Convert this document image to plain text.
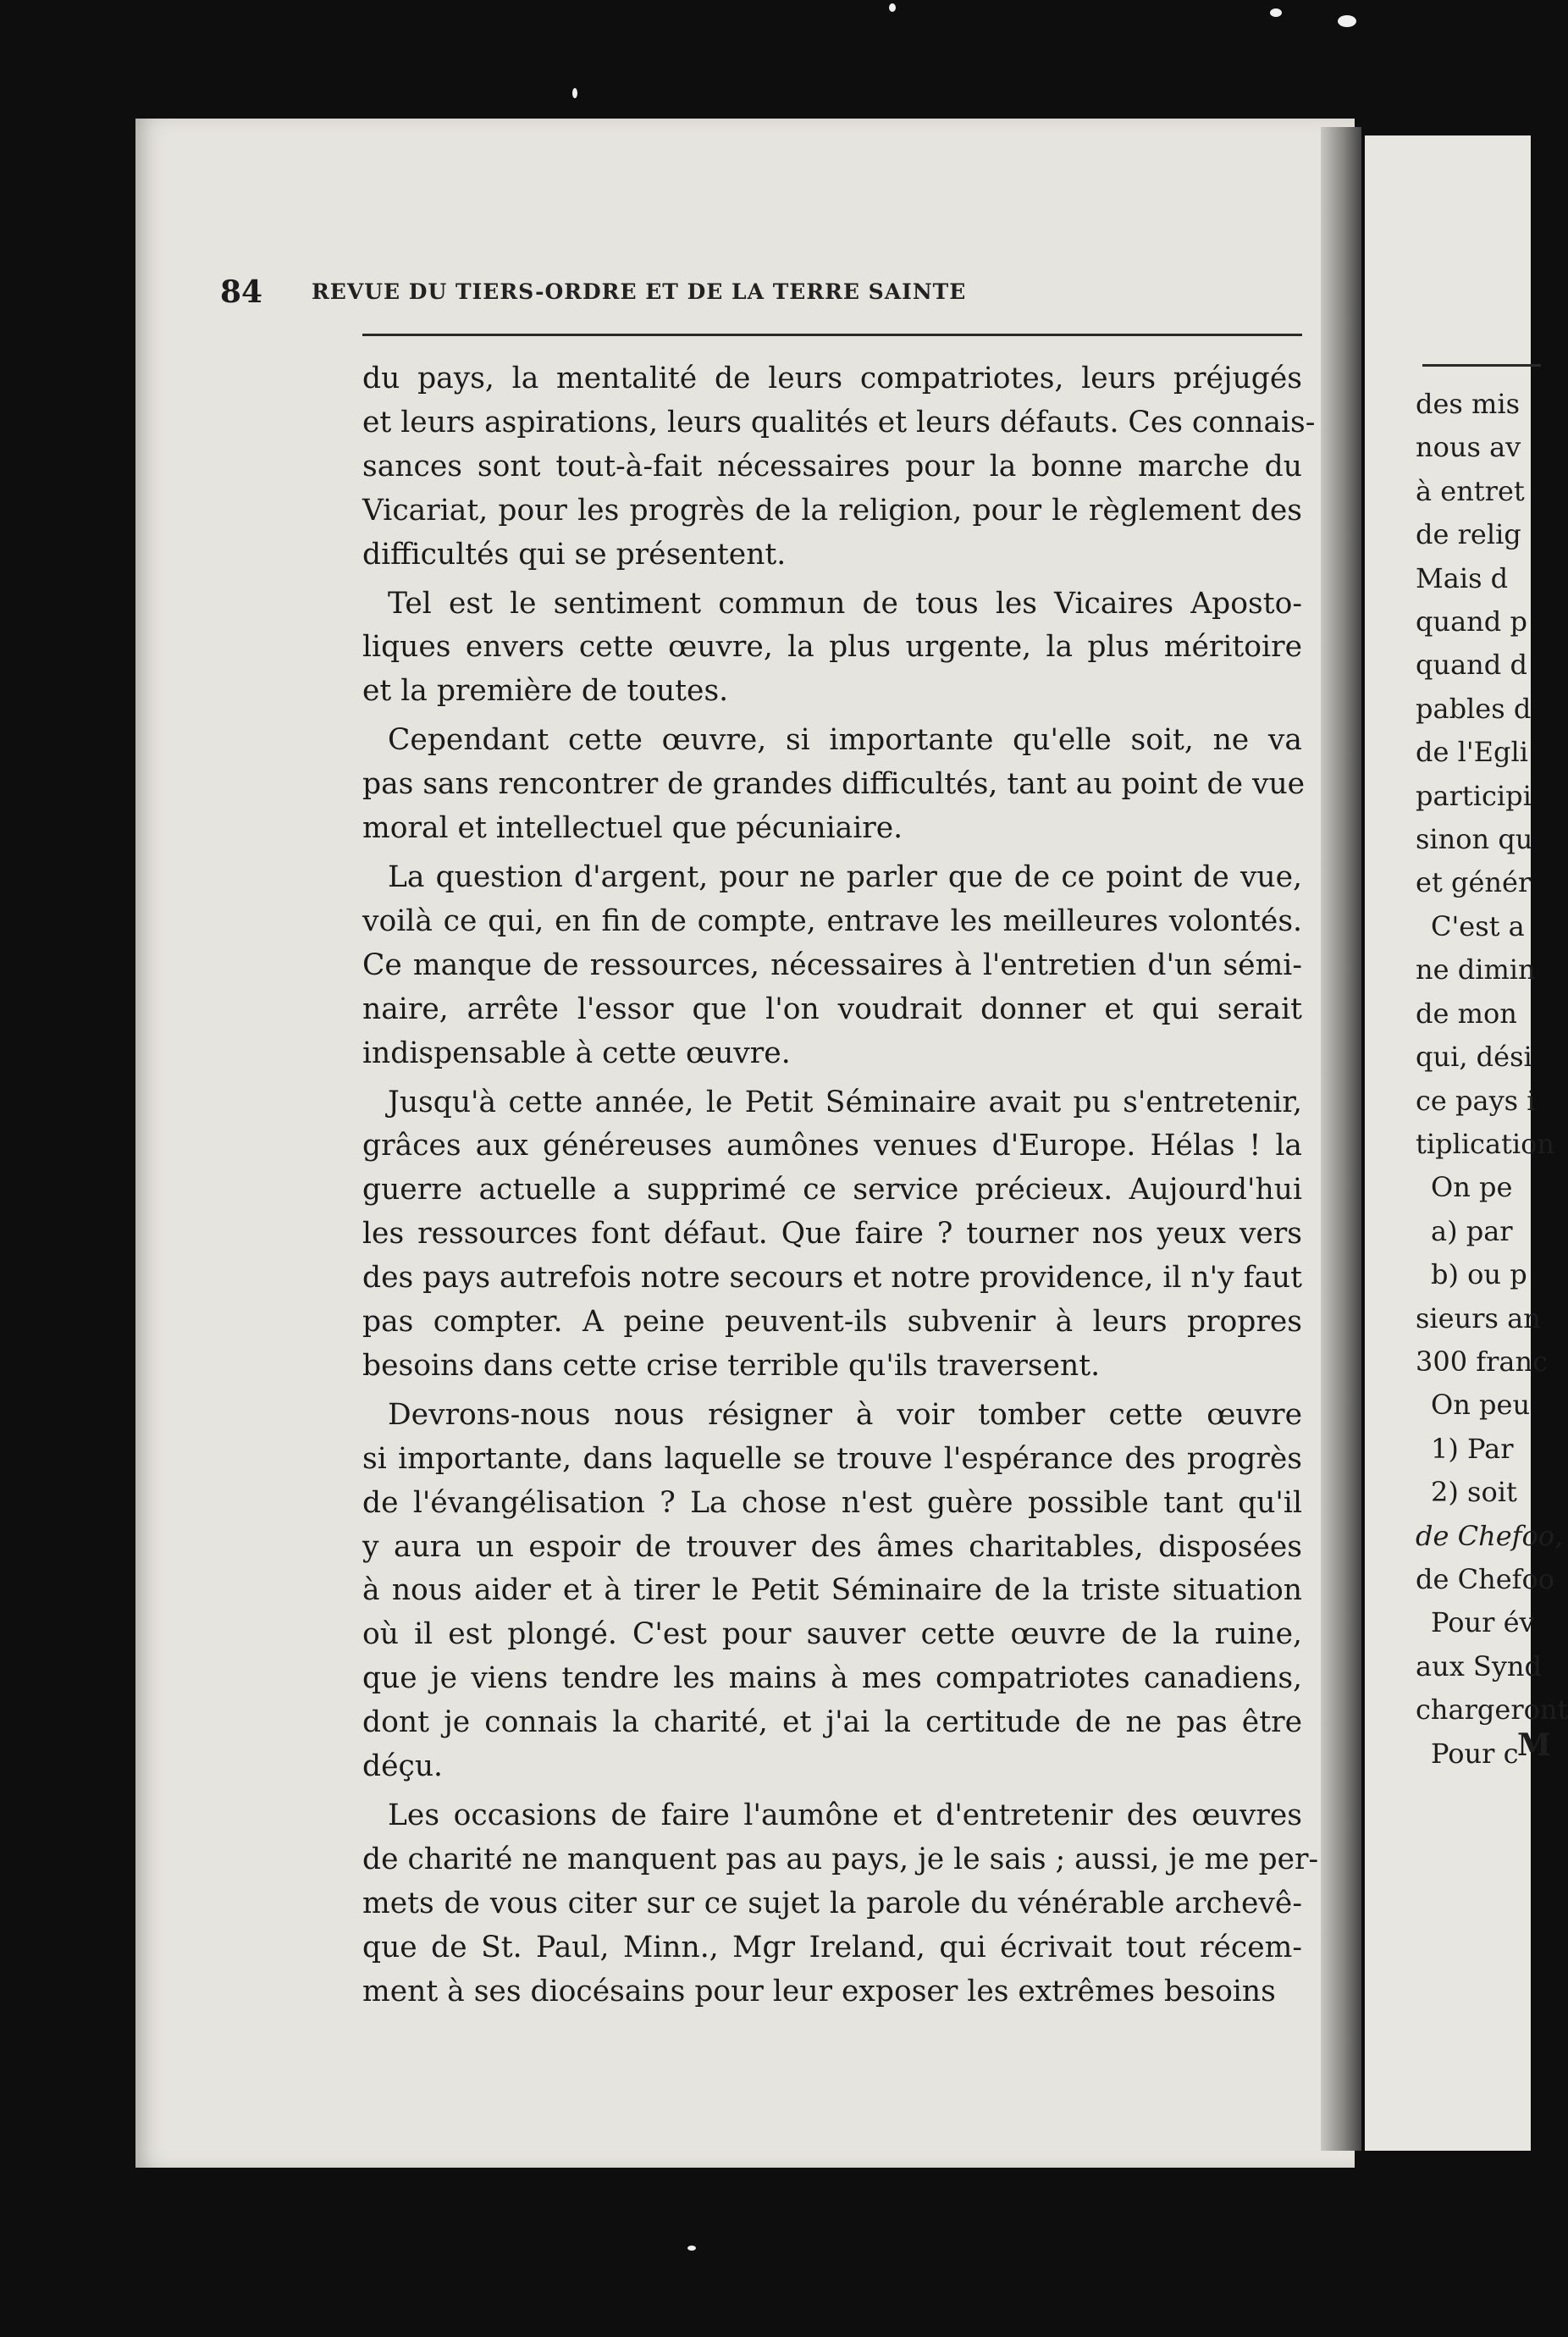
des mis
nous av
à entret
de relig
Mais d
quand p
quand d
pables d
de l'Egli
participi
sinon qu
et génér
C'est a
ne dimin
de mon
qui, dési
ce pays i
tiplication
On pe
a) par
b) ou p
sieurs an
300 franc
On peu
1) Par
2) soit
de Chefoo,
de Chefoo
Pour év
aux Synd
chargeront
Pour c
M
84 REVUE DU TIERS-ORDRE ET DE LA TERRE SAINTE
du pays, la mentalité de leurs compatriotes, leurs préjugés
et leurs aspirations, leurs qualités et leurs défauts. Ces connais-
sances sont tout-à-fait nécessaires pour la bonne marche du
Vicariat, pour les progrès de la religion, pour le règlement des
difficultés qui se présentent.
Tel est le sentiment commun de tous les Vicaires Aposto-
liques envers cette œuvre, la plus urgente, la plus méritoire
et la première de toutes.
Cependant cette œuvre, si importante qu'elle soit, ne va
pas sans rencontrer de grandes difficultés, tant au point de vue
moral et intellectuel que pécuniaire.
La question d'argent, pour ne parler que de ce point de vue,
voilà ce qui, en fin de compte, entrave les meilleures volontés.
Ce manque de ressources, nécessaires à l'entretien d'un sémi-
naire, arrête l'essor que l'on voudrait donner et qui serait
indispensable à cette œuvre.
Jusqu'à cette année, le Petit Séminaire avait pu s'entretenir,
grâces aux généreuses aumônes venues d'Europe. Hélas ! la
guerre actuelle a supprimé ce service précieux. Aujourd'hui
les ressources font défaut. Que faire ? tourner nos yeux vers
des pays autrefois notre secours et notre providence, il n'y faut
pas compter. A peine peuvent-ils subvenir à leurs propres
besoins dans cette crise terrible qu'ils traversent.
Devrons-nous nous résigner à voir tomber cette œuvre
si importante, dans laquelle se trouve l'espérance des progrès
de l'évangélisation ? La chose n'est guère possible tant qu'il
y aura un espoir de trouver des âmes charitables, disposées
à nous aider et à tirer le Petit Séminaire de la triste situation
où il est plongé. C'est pour sauver cette œuvre de la ruine,
que je viens tendre les mains à mes compatriotes canadiens,
dont je connais la charité, et j'ai la certitude de ne pas être
déçu.
Les occasions de faire l'aumône et d'entretenir des œuvres
de charité ne manquent pas au pays, je le sais ; aussi, je me per-
mets de vous citer sur ce sujet la parole du vénérable archevê-
que de St. Paul, Minn., Mgr Ireland, qui écrivait tout récem-
ment à ses diocésains pour leur exposer les extrêmes besoins
